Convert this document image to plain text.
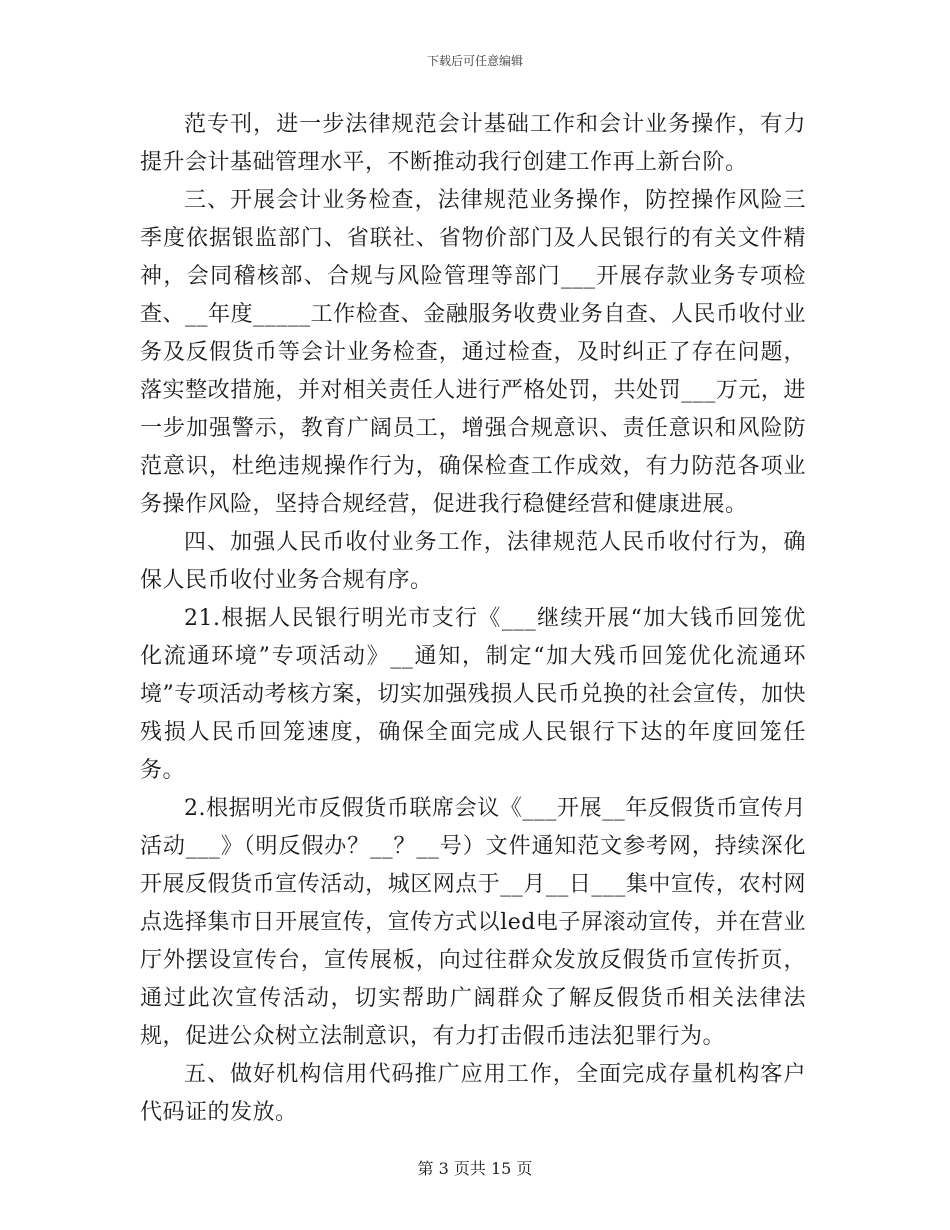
下载后可任意编辑

范专刊，进一步法律规范会计基础工作和会计业务操作，有力提升会计基础管理水平，不断推动我行创建工作再上新台阶。

三、开展会计业务检查，法律规范业务操作，防控操作风险三季度依据银监部门、省联社、省物价部门及人民银行的有关文件精神，会同稽核部、合规与风险管理等部门___开展存款业务专项检查、__年度_____工作检查、金融服务收费业务自查、人民币收付业务及反假货币等会计业务检查，通过检查，及时纠正了存在问题，落实整改措施，并对相关责任人进行严格处罚，共处罚___万元，进一步加强警示，教育广阔员工，增强合规意识、责任意识和风险防范意识，杜绝违规操作行为，确保检查工作成效，有力防范各项业务操作风险，坚持合规经营，促进我行稳健经营和健康进展。

四、加强人民币收付业务工作，法律规范人民币收付行为，确保人民币收付业务合规有序。

21.根据人民银行明光市支行《___继续开展“加大钱币回笼优化流通环境”专项活动》__通知，制定“加大残币回笼优化流通环境”专项活动考核方案，切实加强残损人民币兑换的社会宣传，加快残损人民币回笼速度，确保全面完成人民银行下达的年度回笼任务。

2.根据明光市反假货币联席会议《___开展__年反假货币宣传月活动___》（明反假办？__？__号）文件通知范文参考网，持续深化开展反假货币宣传活动，城区网点于__月__日___集中宣传，农村网点选择集市日开展宣传，宣传方式以led电子屏滚动宣传，并在营业厅外摆设宣传台，宣传展板，向过往群众发放反假货币宣传折页，通过此次宣传活动，切实帮助广阔群众了解反假货币相关法律法规，促进公众树立法制意识，有力打击假币违法犯罪行为。

五、做好机构信用代码推广应用工作，全面完成存量机构客户代码证的发放。

第 3 页共 15 页
